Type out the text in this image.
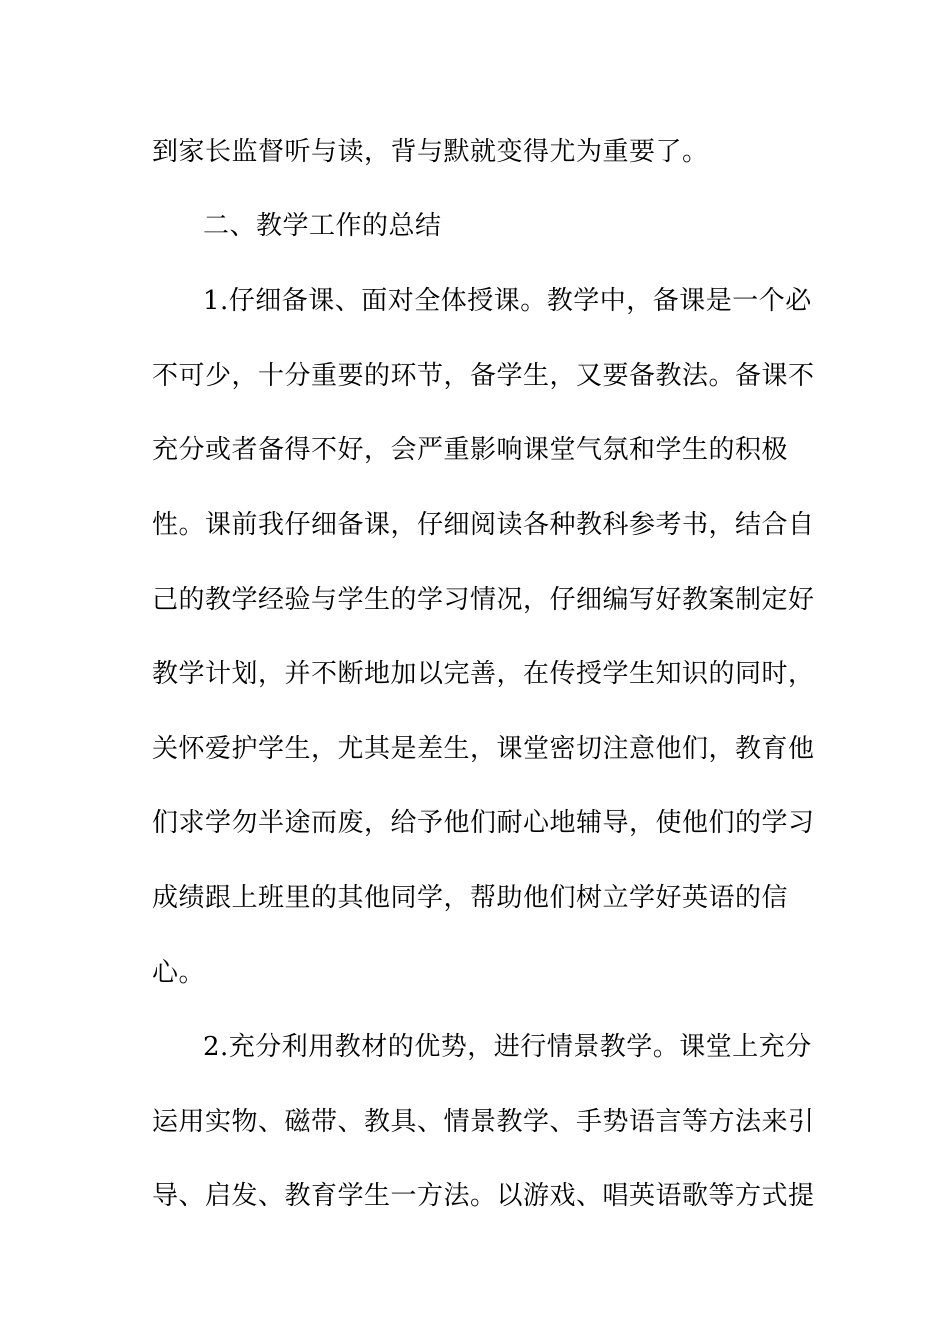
到家长监督听与读，背与默就变得尤为重要了。
二、教学工作的总结
1.仔细备课、面对全体授课。教学中，备课是一个必
不可少，十分重要的环节，备学生，又要备教法。备课不
充分或者备得不好，会严重影响课堂气氛和学生的积极
性。课前我仔细备课，仔细阅读各种教科参考书，结合自
己的教学经验与学生的学习情况，仔细编写好教案制定好
教学计划，并不断地加以完善，在传授学生知识的同时，
关怀爱护学生，尤其是差生，课堂密切注意他们，教育他
们求学勿半途而废，给予他们耐心地辅导，使他们的学习
成绩跟上班里的其他同学，帮助他们树立学好英语的信
心。
2.充分利用教材的优势，进行情景教学。课堂上充分
运用实物、磁带、教具、情景教学、手势语言等方法来引
导、启发、教育学生一方法。以游戏、唱英语歌等方式提
